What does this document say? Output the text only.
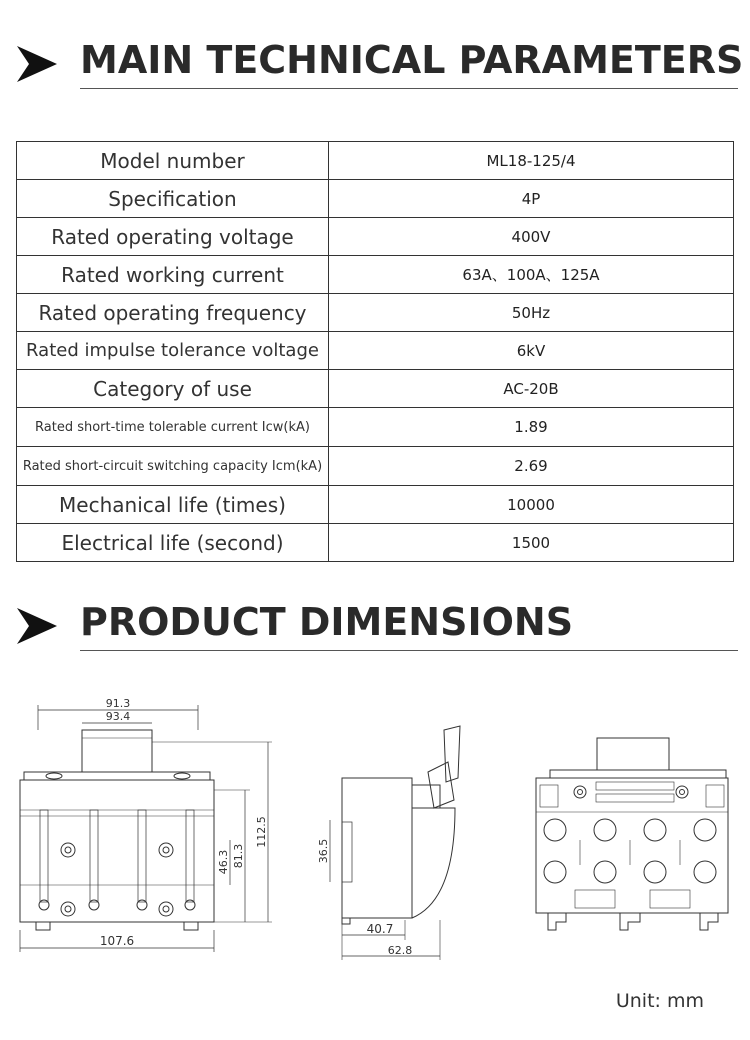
MAIN TECHNICAL PARAMETERS
Model number	ML18-125/4
Specification	4P
Rated operating voltage	400V
Rated working current	63A、100A、125A
Rated operating frequency	50Hz
Rated impulse tolerance voltage	6kV
Category of use	AC-20B
Rated short-time tolerable current Icw(kA)	1.89
Rated short-circuit switching capacity Icm(kA)	2.69
Mechanical life (times)	10000
Electrical life (second)	1500
PRODUCT DIMENSIONS
91.3
93.4
107.6
46.3 81.3
112.5
36.5
40.7
62.8
Unit: mm
